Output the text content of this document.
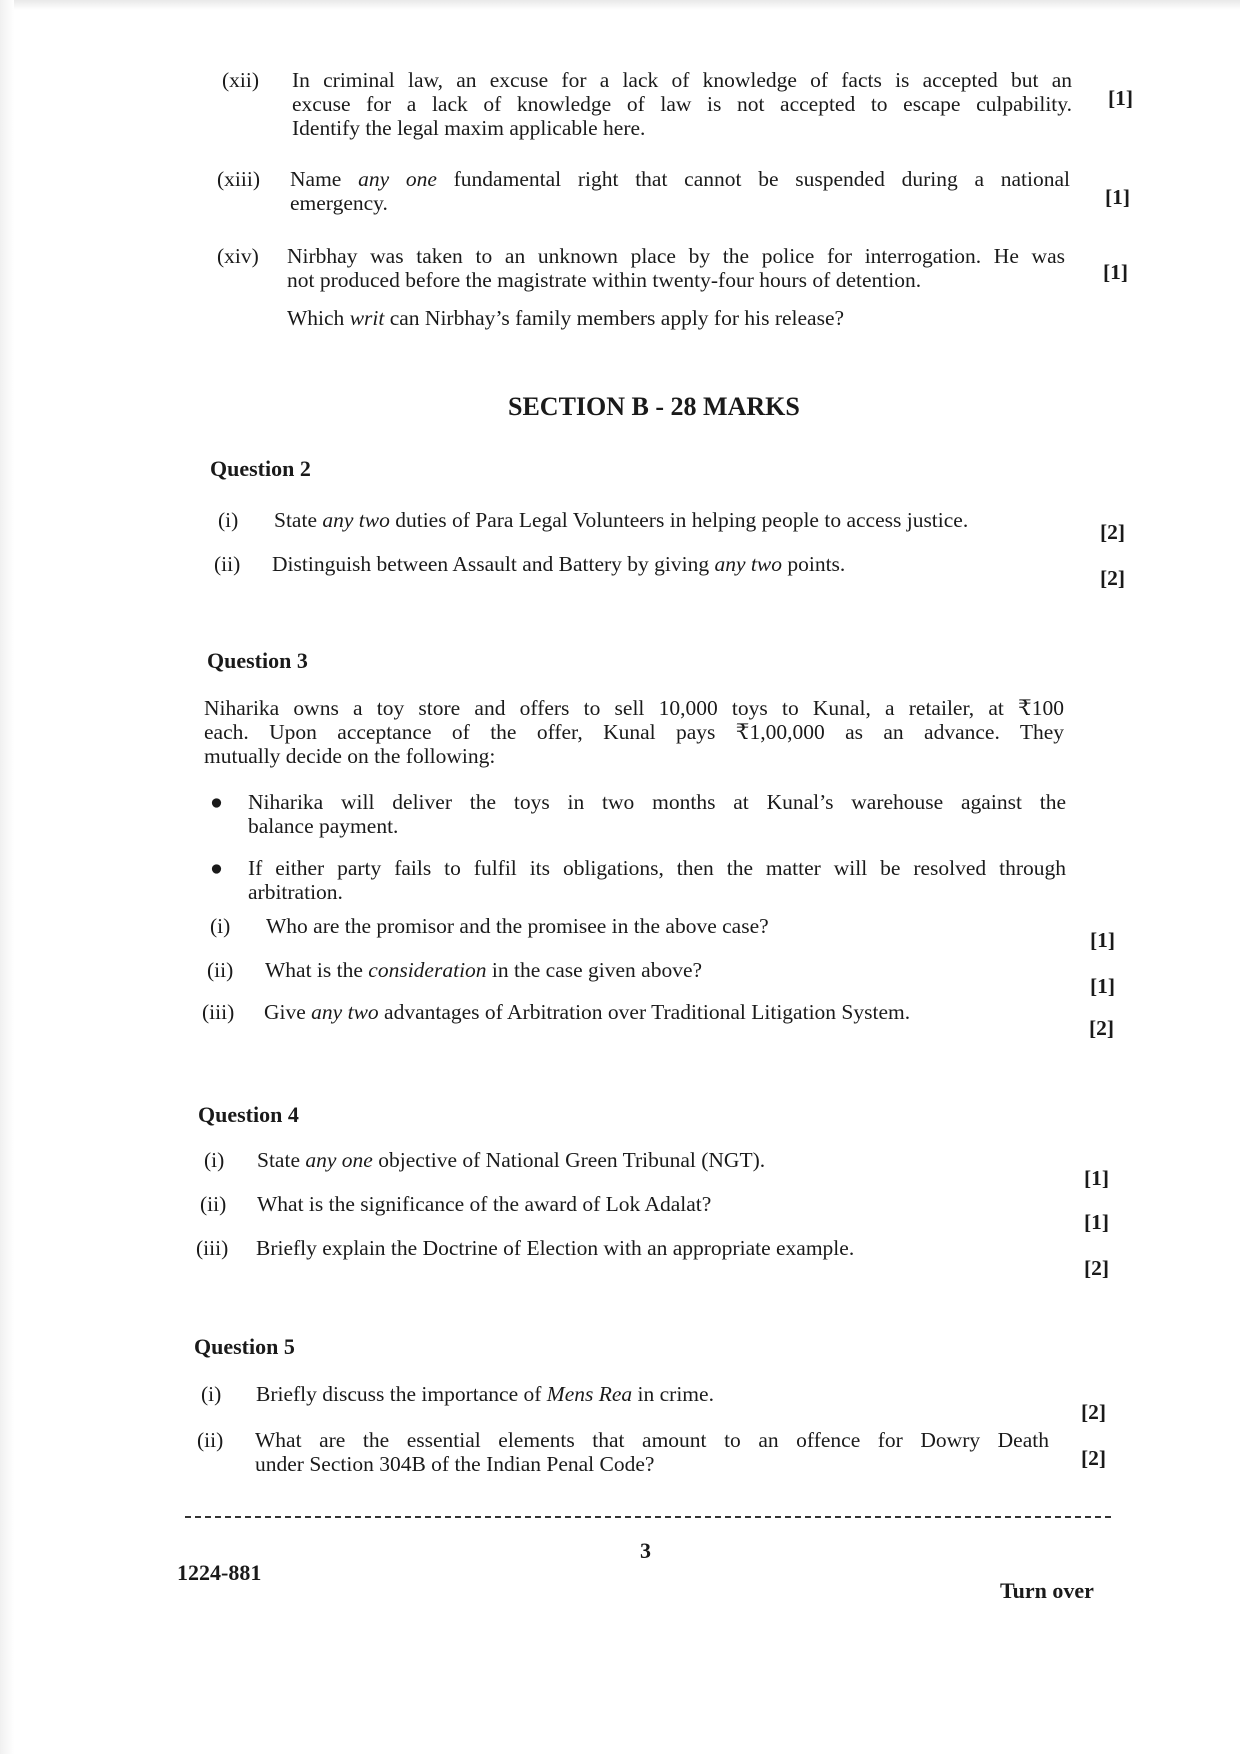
(xii) In criminal law, an excuse for a lack of knowledge of facts is accepted but an
excuse for a lack of knowledge of law is not accepted to escape culpability.
Identify the legal maxim applicable here.
[1]
(xiii) Name any one fundamental right that cannot be suspended during a national
emergency.	[1]
(xiv) Nirbhay was taken to an unknown place by the police for interrogation. He was
not produced before the magistrate within twenty-four hours of detention.
Which writ can Nirbhay’s family members apply for his release?
[1]
SECTION B - 28 MARKS
Question 2
(i) State any two duties of Para Legal Volunteers in helping people to access justice.	[2]
(ii) Distinguish between Assault and Battery by giving any two points.
[2]
Question 3
Niharika owns a toy store and offers to sell 10,000 toys to Kunal, a retailer, at ₹100
each. Upon acceptance of the offer, Kunal pays ₹1,00,000 as an advance. They
mutually decide on the following:
● Niharika will deliver the toys in two months at Kunal’s warehouse against the
balance payment.
● If either party fails to fulfil its obligations, then the matter will be resolved through
arbitration.
(i) Who are the promisor and the promisee in the above case?
[1]
(ii) What is the consideration in the case given above?
[1]
(iii) Give any two advantages of Arbitration over Traditional Litigation System.
[2]
Question 4
(i) State any one objective of National Green Tribunal (NGT).
[1]
(ii) What is the significance of the award of Lok Adalat?
[1]
(iii) Briefly explain the Doctrine of Election with an appropriate example.
[2]
Question 5
(i) Briefly discuss the importance of Mens Rea in crime.
[2]
(ii) What are the essential elements that amount to an offence for Dowry Death
under Section 304B of the Indian Penal Code?	[2]
3
1224-881
Turn over
